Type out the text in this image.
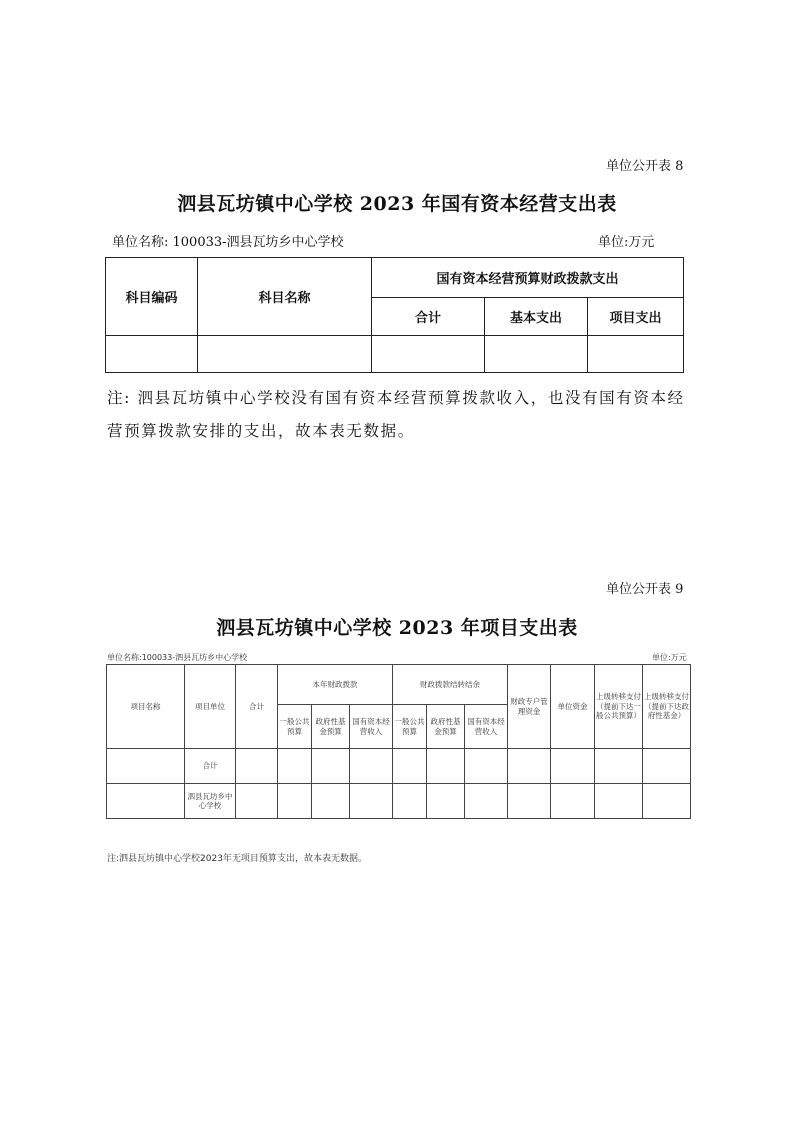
单位公开表 8
泗县瓦坊镇中心学校 2023 年国有资本经营支出表
单位名称: 100033-泗县瓦坊乡中心学校	单位:万元
科目编码	科目名称	国有资本经营预算财政拨款支出		
		合计	基本支出	项目支出

注: 泗县瓦坊镇中心学校没有国有资本经营预算拨款收入，也没有国有资本经营预算拨款安排的支出，故本表无数据。
单位公开表 9
泗县瓦坊镇中心学校 2023 年项目支出表
单位名称:100033-泗县瓦坊乡中心学校	单位:万元
项目名称	项目单位	合计	本年财政拨款			财政拨款结转结余			财政专户管理资金	单位资金	上级转移支付（提前下达一般公共预算）	上级转移支付（提前下达政府性基金）
			一般公共预算	政府性基金预算	国有资本经营收入	一般公共预算	政府性基金预算	国有资本经营收入				
	合计											
	泗县瓦坊乡中心学校											
注:泗县瓦坊镇中心学校2023年无项目预算支出，故本表无数据。
